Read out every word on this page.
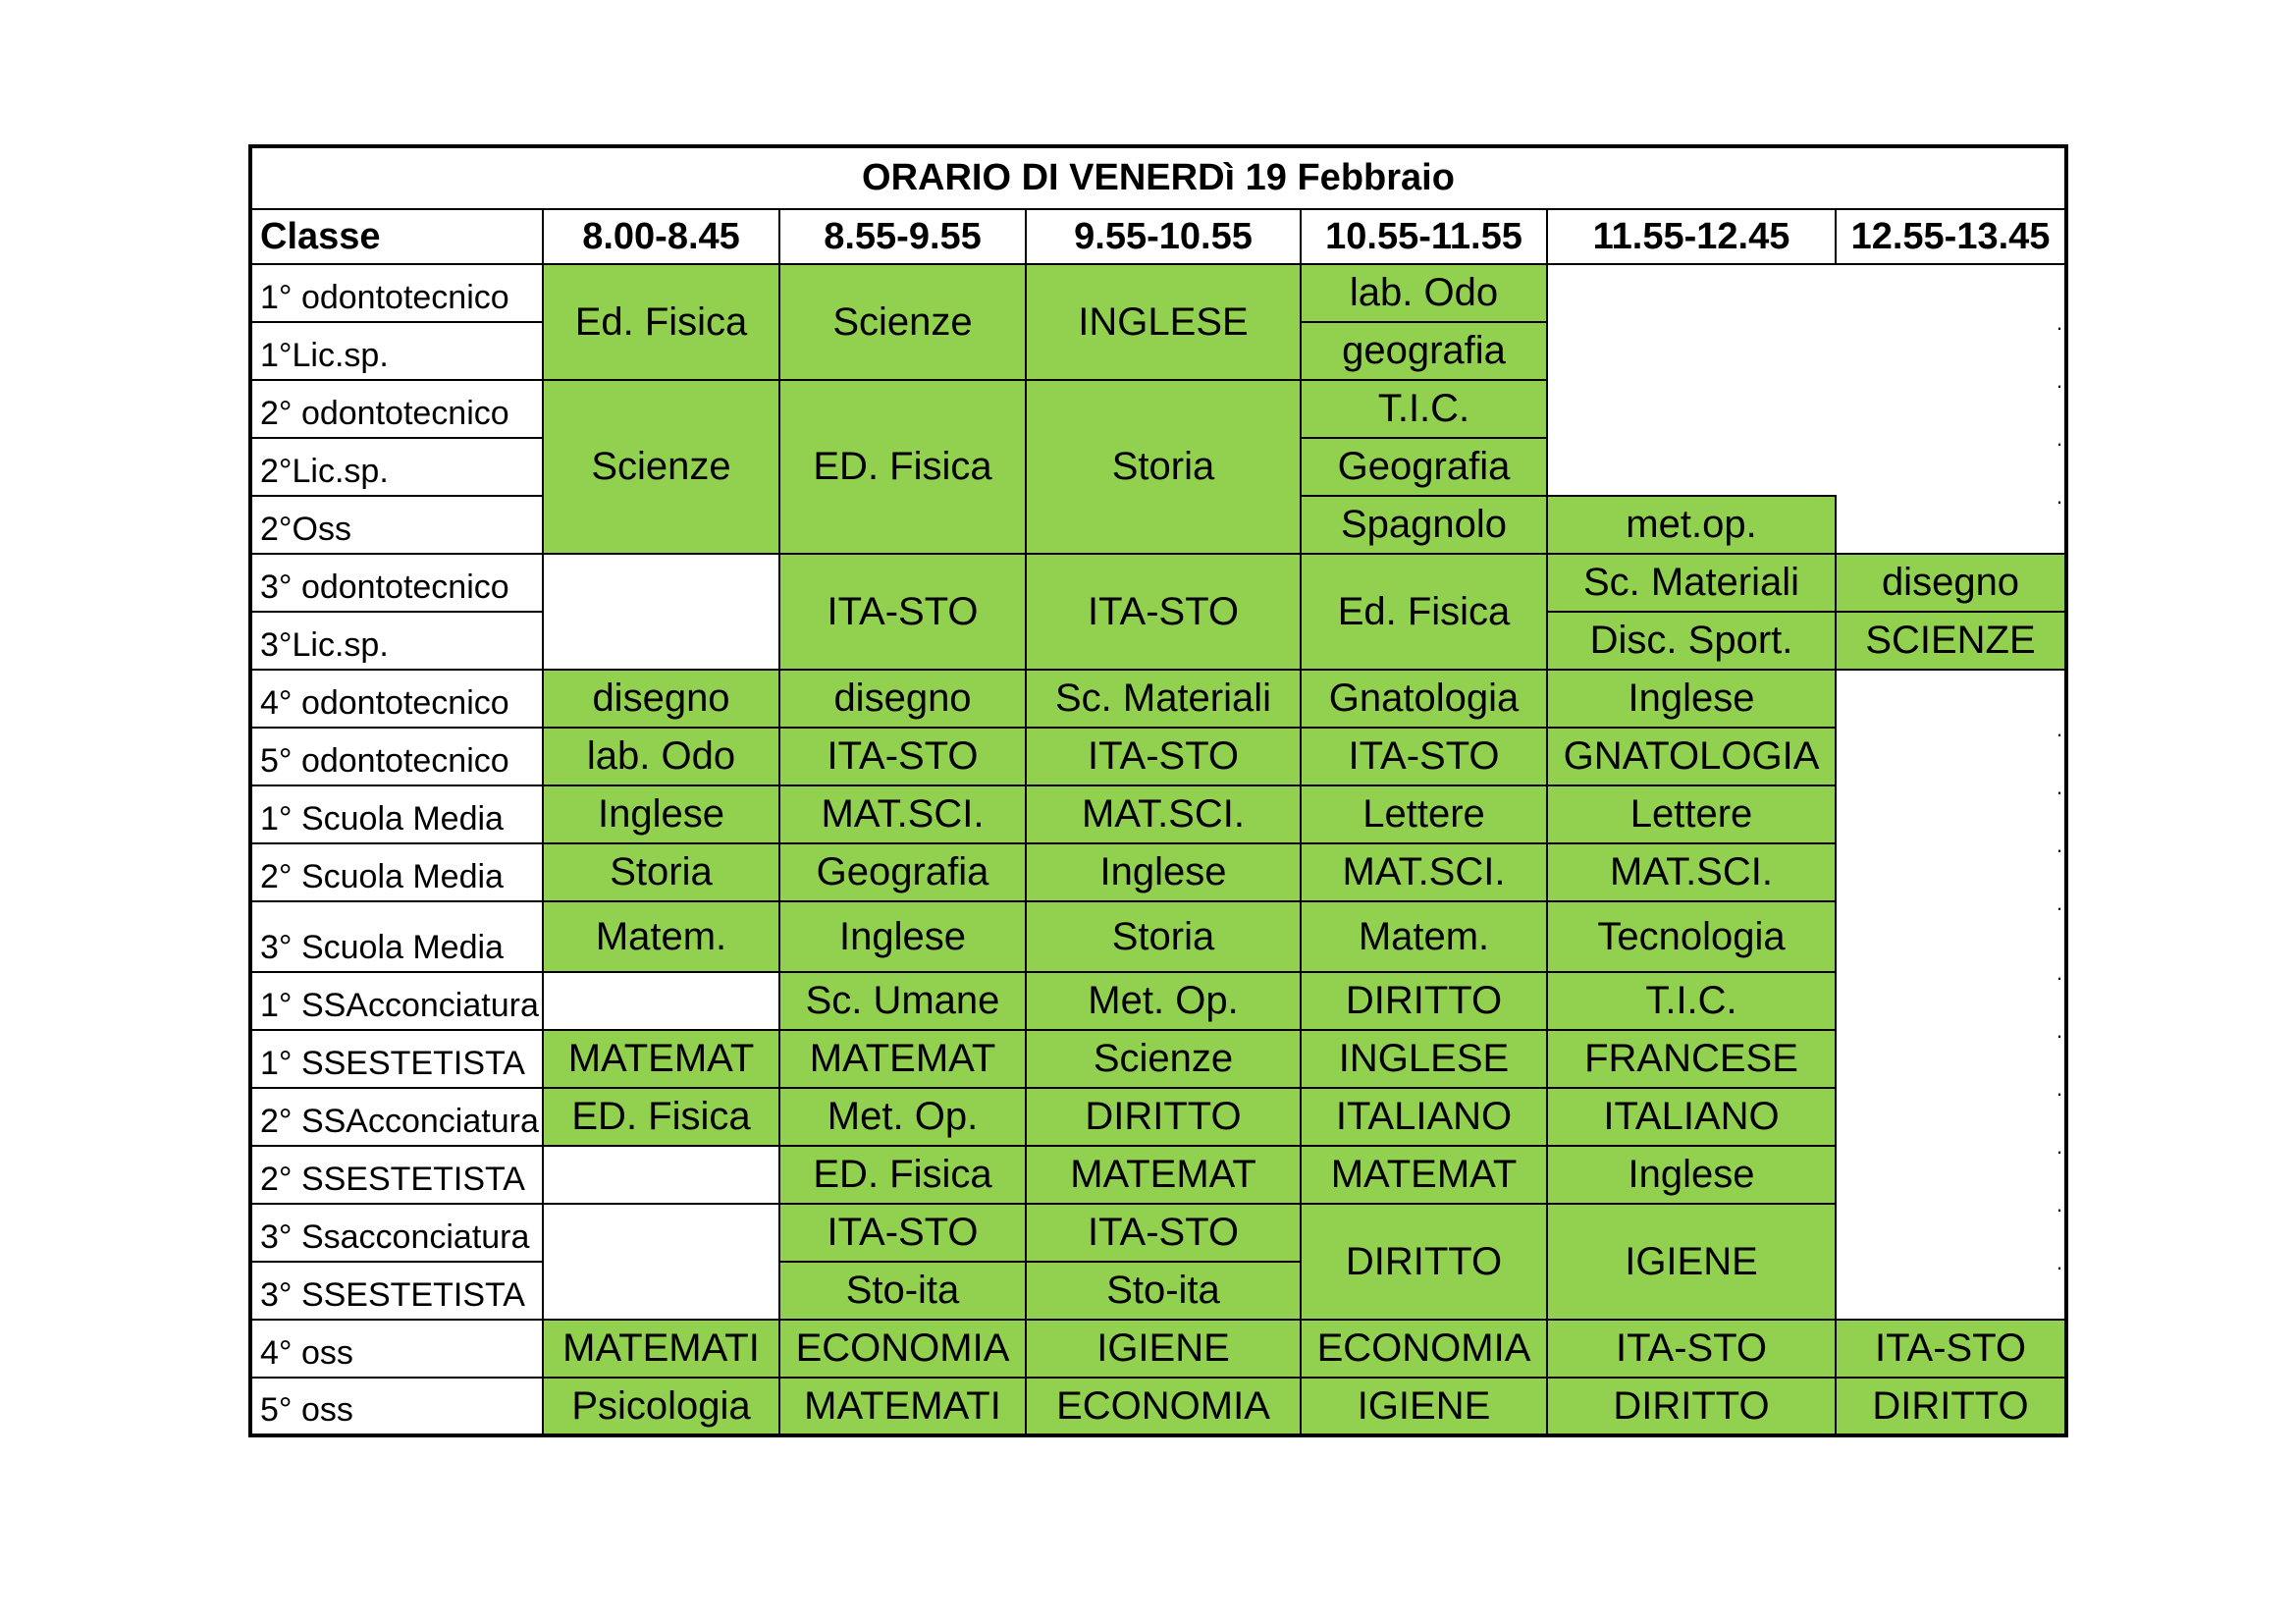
ORARIO DI VENERDì 19 Febbraio						
Classe	8.00-8.45	8.55-9.55	9.55-10.55	10.55-11.55	11.55-12.45	12.55-13.45
1° odontotecnico	Ed. Fisica	Scienze	INGLESE	lab. Odo		
1°Lic.sp.				geografia		
2° odontotecnico	Scienze	ED. Fisica	Storia	T.I.C.		
2°Lic.sp.				Geografia		
2°Oss				Spagnolo	met.op.	
3° odontotecnico		ITA-STO	ITA-STO	Ed. Fisica	Sc. Materiali	disegno
3°Lic.sp.					Disc. Sport.	SCIENZE
4° odontotecnico	disegno	disegno	Sc. Materiali	Gnatologia	Inglese	
5° odontotecnico	lab. Odo	ITA-STO	ITA-STO	ITA-STO	GNATOLOGIA	
1° Scuola Media	Inglese	MAT.SCI.	MAT.SCI.	Lettere	Lettere	
2° Scuola Media	Storia	Geografia	Inglese	MAT.SCI.	MAT.SCI.	
3° Scuola Media	Matem.	Inglese	Storia	Matem.	Tecnologia	
1° SSAcconciatura		Sc. Umane	Met. Op.	DIRITTO	T.I.C.	
1° SSESTETISTA	MATEMAT	MATEMAT	Scienze	INGLESE	FRANCESE	
2° SSAcconciatura	ED. Fisica	Met. Op.	DIRITTO	ITALIANO	ITALIANO	
2° SSESTETISTA		ED. Fisica	MATEMAT	MATEMAT	Inglese	
3° Ssacconciatura		ITA-STO	ITA-STO	DIRITTO	IGIENE	
3° SSESTETISTA		Sto-ita	Sto-ita			
4° oss	MATEMATI	ECONOMIA	IGIENE	ECONOMIA	ITA-STO	ITA-STO
5° oss	Psicologia	MATEMATI	ECONOMIA	IGIENE	DIRITTO	DIRITTO
.
.
.
.
.
.
.
.
.
.
.
.
.
.
